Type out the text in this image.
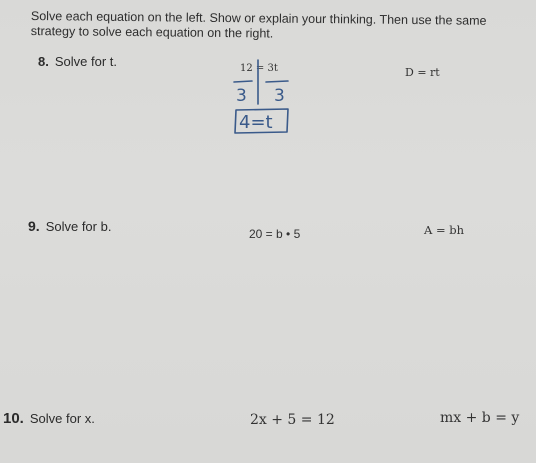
Solve each equation on the left. Show or explain your thinking. Then use the same strategy to solve each equation on the right.
8. Solve for t.	12 = 3t	D = rt
3 3
4=t
9. Solve for b.	20 = b • 5	A = bh
10. Solve for x.	2x + 5 = 12	mx + b = y
